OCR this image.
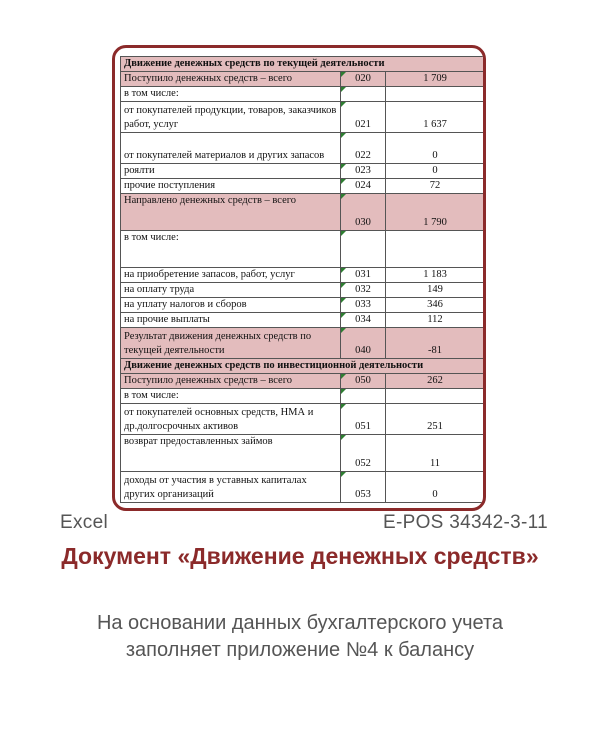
Движение денежных средств по текущей деятельности		
Поступило денежных средств – всего	020	1 709
в том числе:		
от покупателей продукции, товаров, заказчиков работ, услуг	021	1 637
от покупателей материалов и других запасов	022	0
роялти	023	0
прочие поступления	024	72
Направлено денежных средств – всего	030	1 790
в том числе:		
на приобретение запасов, работ, услуг	031	1 183
на оплату труда	032	149
на уплату налогов и сборов	033	346
на прочие выплаты	034	112
Результат движения денежных средств по текущей деятельности	040	-81
Движение денежных средств по инвестиционной деятельности		
Поступило денежных средств – всего	050	262
в том числе:		
от покупателей основных средств, НМА и др.долгосрочных активов	051	251
возврат предоставленных займов	052	11
доходы от участия в уставных капиталах других организаций	053	0
Excel	E-POS 34342-3-11
Документ «Движение денежных средств»
На основании данных бухгалтерского учета заполняет приложение №4 к балансу
